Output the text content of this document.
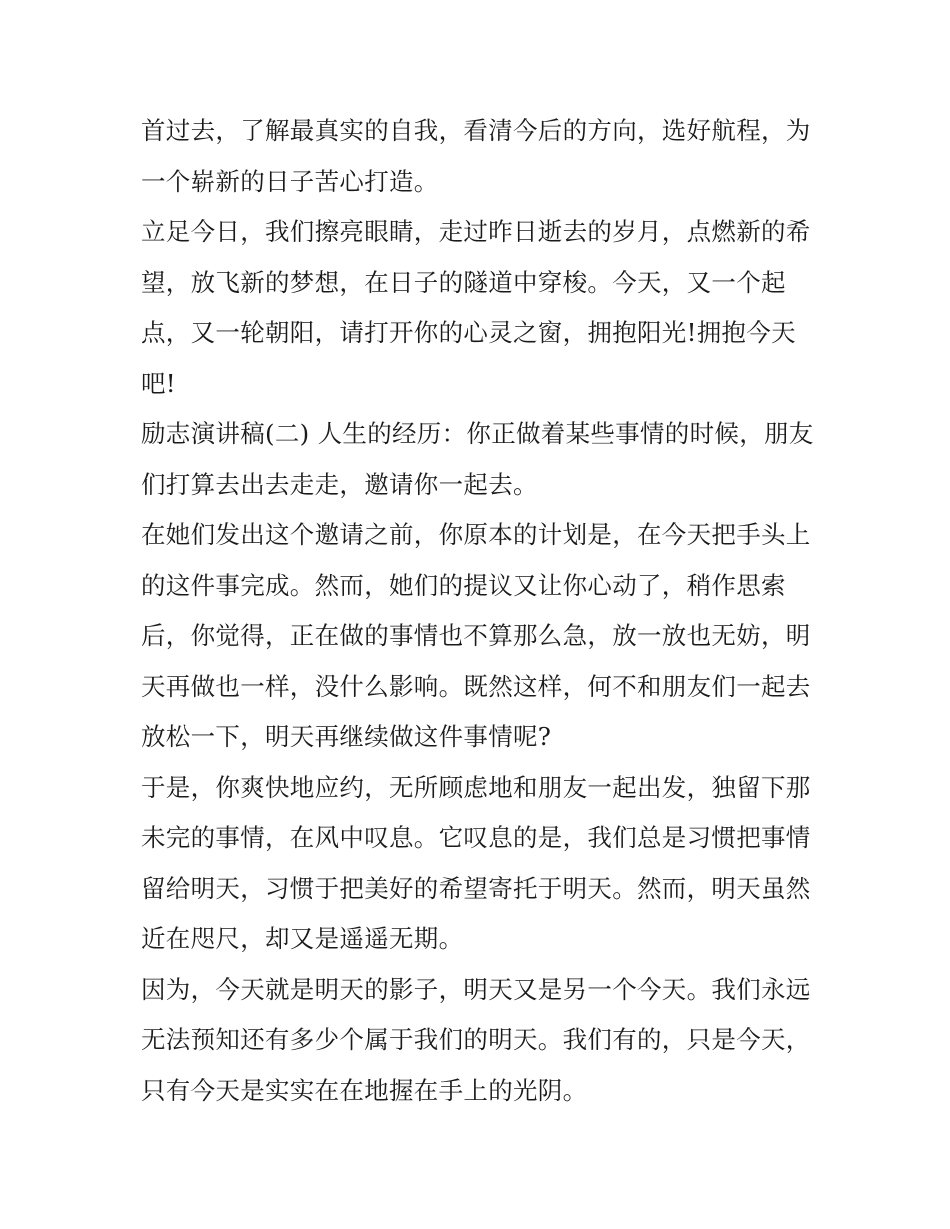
首过去，了解最真实的自我，看清今后的方向，选好航程，为
一个崭新的日子苦心打造。
立足今日，我们擦亮眼睛，走过昨日逝去的岁月，点燃新的希
望，放飞新的梦想，在日子的隧道中穿梭。今天，又一个起
点，又一轮朝阳，请打开你的心灵之窗，拥抱阳光!拥抱今天
吧!
励志演讲稿(二) 人生的经历：你正做着某些事情的时候，朋友
们打算去出去走走，邀请你一起去。
在她们发出这个邀请之前，你原本的计划是，在今天把手头上
的这件事完成。然而，她们的提议又让你心动了，稍作思索
后，你觉得，正在做的事情也不算那么急，放一放也无妨，明
天再做也一样，没什么影响。既然这样，何不和朋友们一起去
放松一下，明天再继续做这件事情呢?
于是，你爽快地应约，无所顾虑地和朋友一起出发，独留下那
未完的事情，在风中叹息。它叹息的是，我们总是习惯把事情
留给明天，习惯于把美好的希望寄托于明天。然而，明天虽然
近在咫尺，却又是遥遥无期。
因为，今天就是明天的影子，明天又是另一个今天。我们永远
无法预知还有多少个属于我们的明天。我们有的，只是今天，
只有今天是实实在在地握在手上的光阴。
